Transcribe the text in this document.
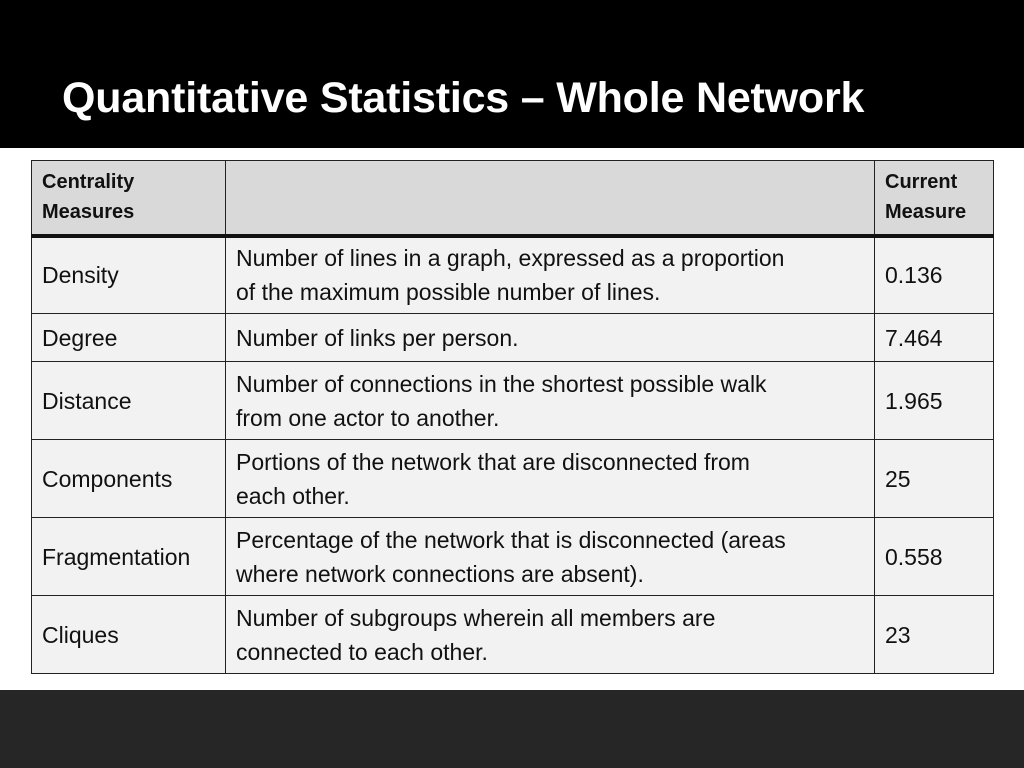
Quantitative Statistics – Whole Network
Centrality
Measures		Current
Measure
Density	Number of lines in a graph, expressed as a proportion
of the maximum possible number of lines.	0.136
Degree	Number of links per person.	7.464
Distance	Number of connections in the shortest possible walk
from one actor to another.	1.965
Components	Portions of the network that are disconnected from
each other.	25
Fragmentation	Percentage of the network that is disconnected (areas
where network connections are absent).	0.558
Cliques	Number of subgroups wherein all members are
connected to each other.	23
